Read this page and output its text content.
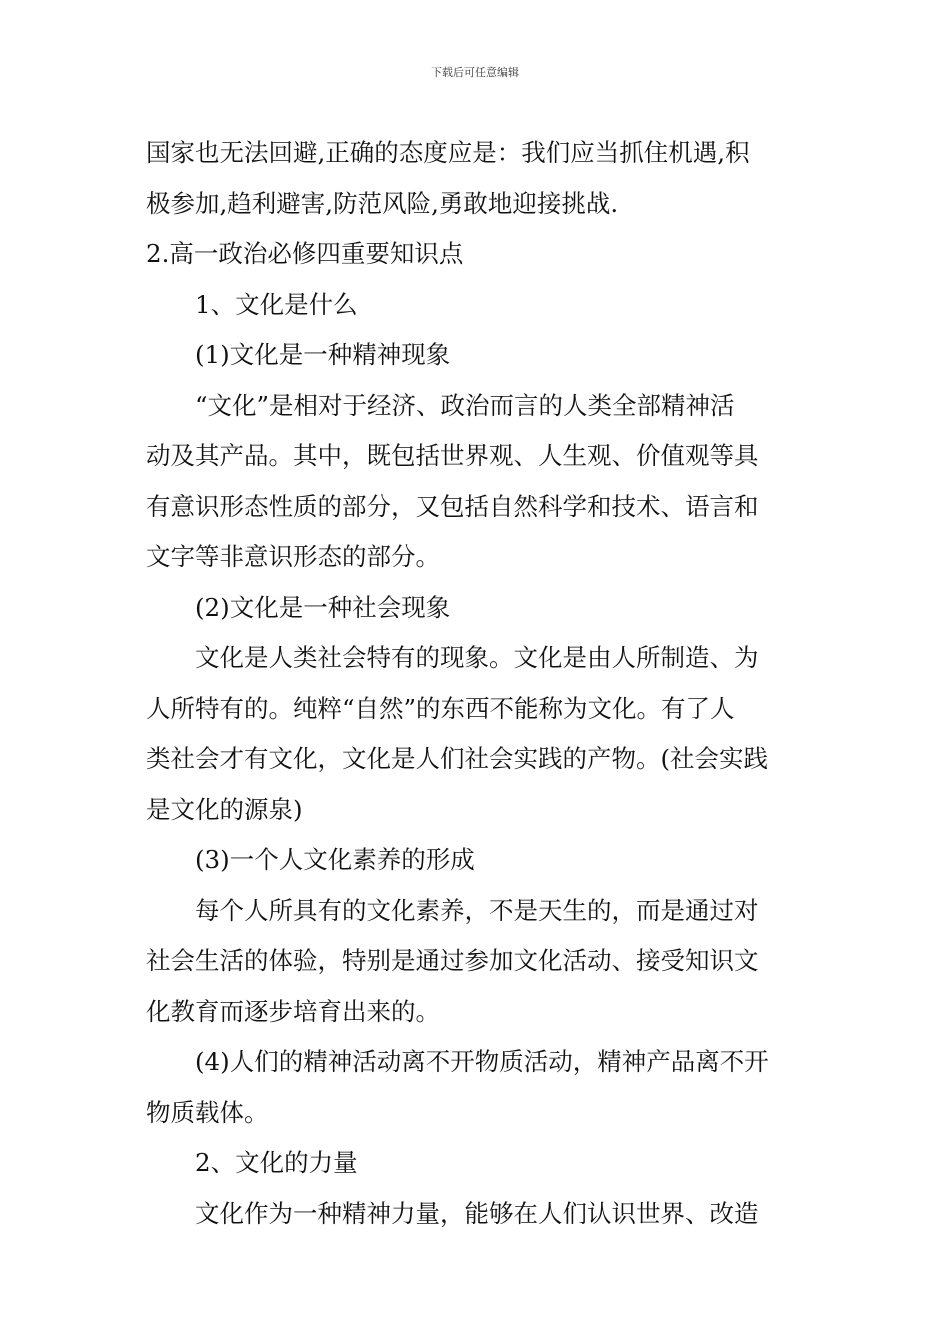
下载后可任意编辑
国家也无法回避,正确的态度应是：我们应当抓住机遇,积
极参加,趋利避害,防范风险,勇敢地迎接挑战.
2.高一政治必修四重要知识点
1、文化是什么
(1)文化是一种精神现象
“文化”是相对于经济、政治而言的人类全部精神活
动及其产品。其中，既包括世界观、人生观、价值观等具
有意识形态性质的部分，又包括自然科学和技术、语言和
文字等非意识形态的部分。
(2)文化是一种社会现象
文化是人类社会特有的现象。文化是由人所制造、为
人所特有的。纯粹“自然”的东西不能称为文化。有了人
类社会才有文化，文化是人们社会实践的产物。(社会实践
是文化的源泉)
(3)一个人文化素养的形成
每个人所具有的文化素养，不是天生的，而是通过对
社会生活的体验，特别是通过参加文化活动、接受知识文
化教育而逐步培育出来的。
(4)人们的精神活动离不开物质活动，精神产品离不开
物质载体。
2、文化的力量
文化作为一种精神力量，能够在人们认识世界、改造
